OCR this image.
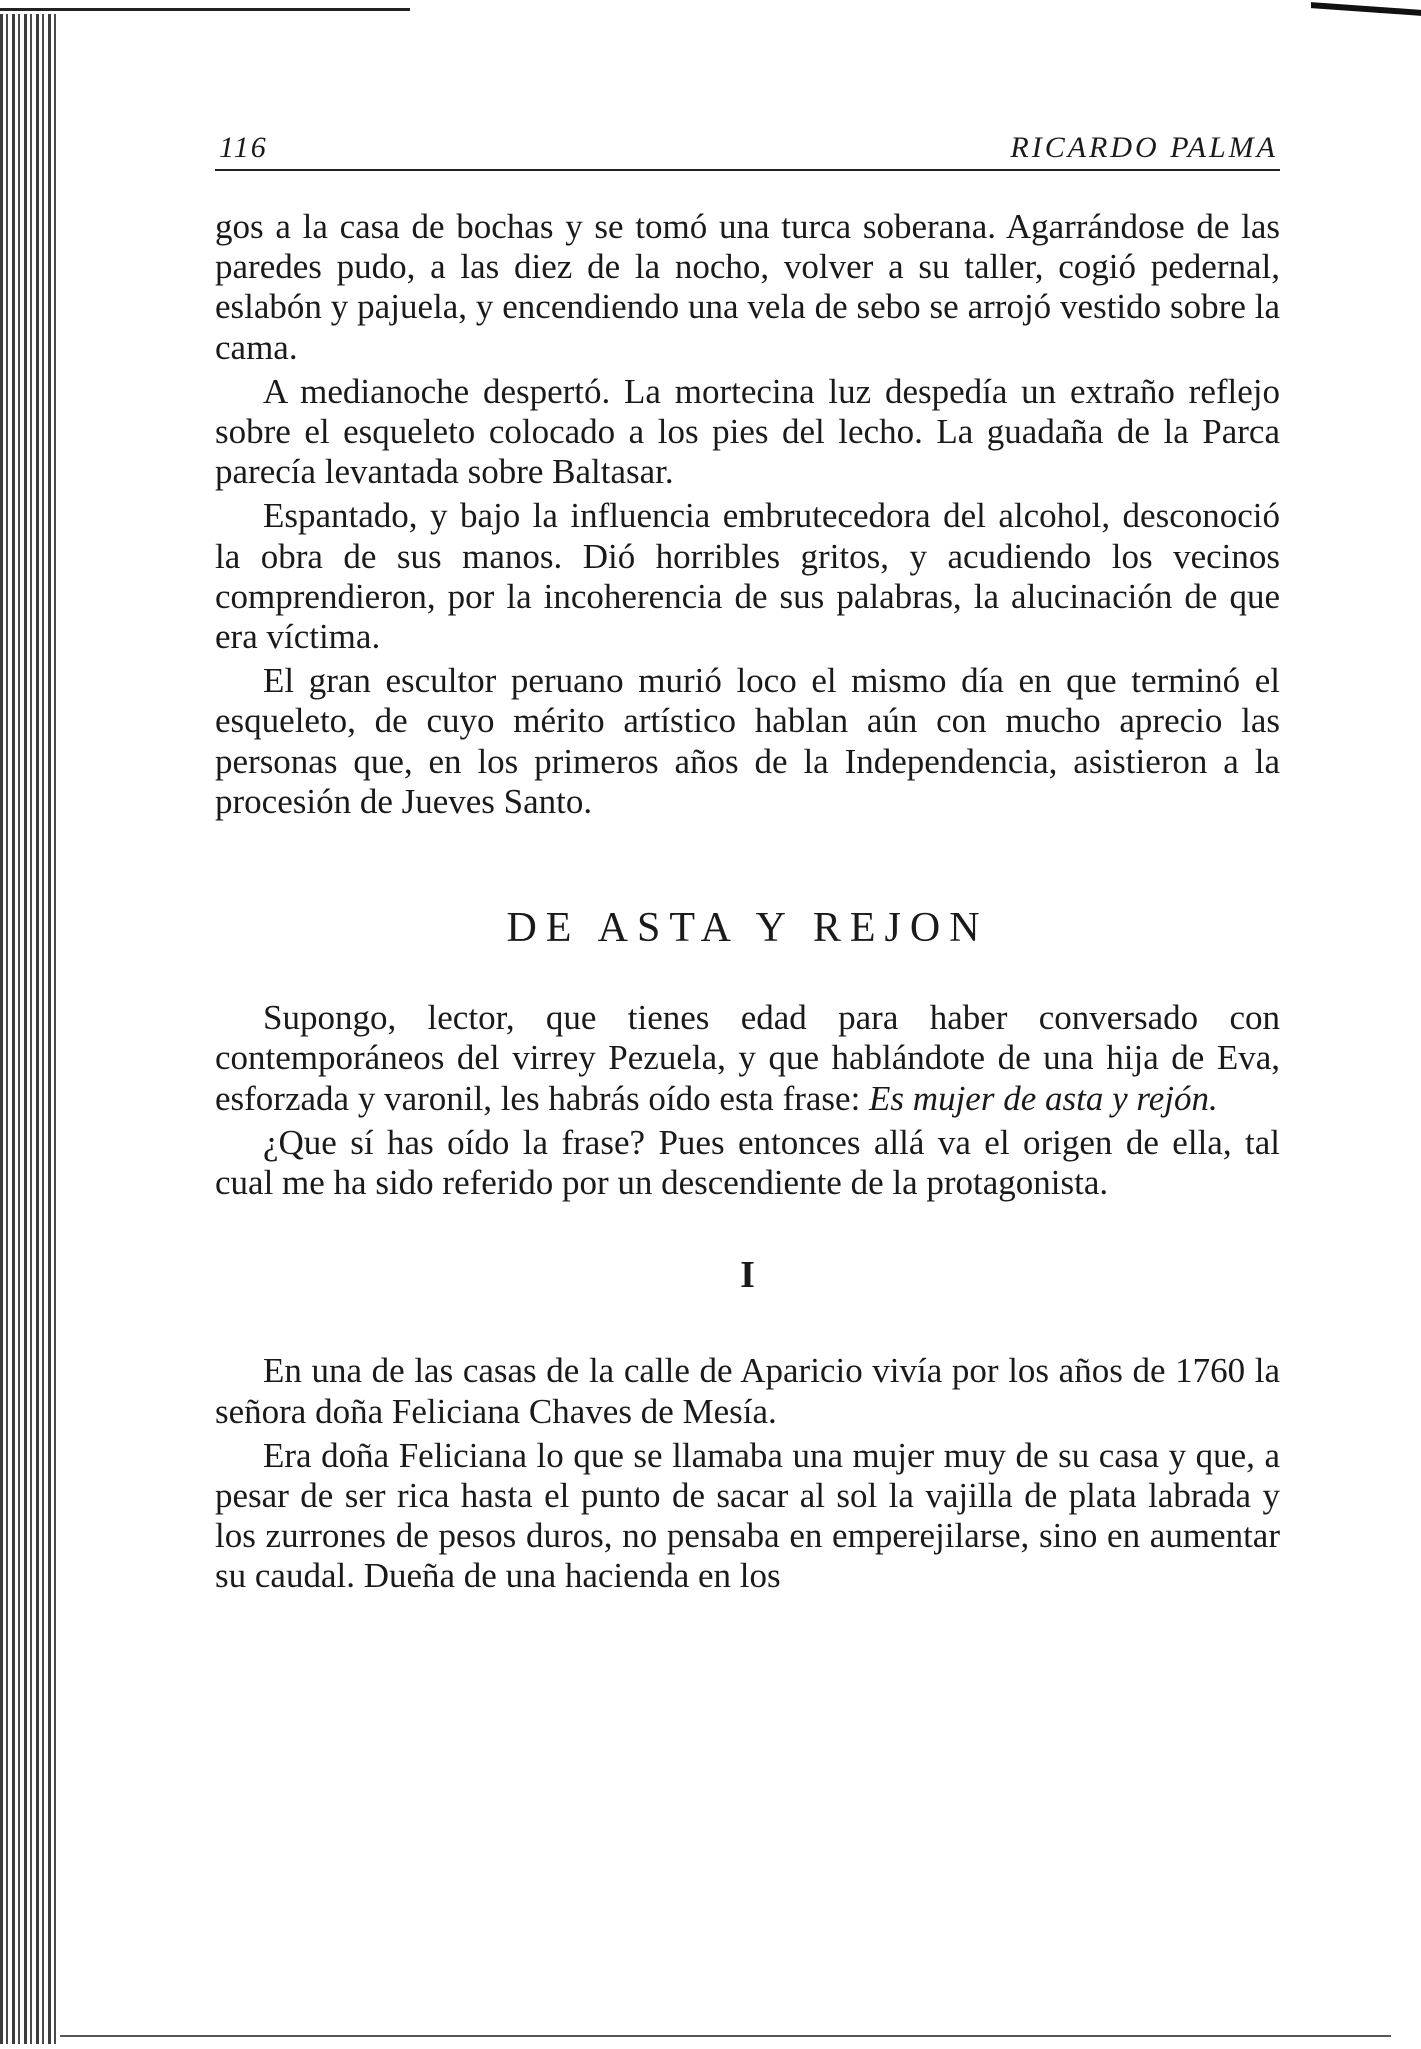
116	RICARDO PALMA

gos a la casa de bochas y se tomó una turca soberana. Agarrándose de las paredes pudo, a las diez de la nocho, volver a su taller, cogió pedernal, eslabón y pajuela, y encendiendo una vela de sebo se arrojó vestido sobre la cama.

A medianoche despertó. La mortecina luz despedía un extraño reflejo sobre el esqueleto colocado a los pies del lecho. La guadaña de la Parca parecía levantada sobre Baltasar.

Espantado, y bajo la influencia embrutecedora del alcohol, desconoció la obra de sus manos. Dió horribles gritos, y acudiendo los vecinos comprendieron, por la incoherencia de sus palabras, la alucinación de que era víctima.

El gran escultor peruano murió loco el mismo día en que terminó el esqueleto, de cuyo mérito artístico hablan aún con mucho aprecio las personas que, en los primeros años de la Independencia, asistieron a la procesión de Jueves Santo.

DE ASTA Y REJON

Supongo, lector, que tienes edad para haber conversado con contemporáneos del virrey Pezuela, y que hablándote de una hija de Eva, esforzada y varonil, les habrás oído esta frase: Es mujer de asta y rejón.

¿Que sí has oído la frase? Pues entonces allá va el origen de ella, tal cual me ha sido referido por un descendiente de la protagonista.

I

En una de las casas de la calle de Aparicio vivía por los años de 1760 la señora doña Feliciana Chaves de Mesía.

Era doña Feliciana lo que se llamaba una mujer muy de su casa y que, a pesar de ser rica hasta el punto de sacar al sol la vajilla de plata labrada y los zurrones de pesos duros, no pensaba en emperejilarse, sino en aumentar su caudal. Dueña de una hacienda en los
